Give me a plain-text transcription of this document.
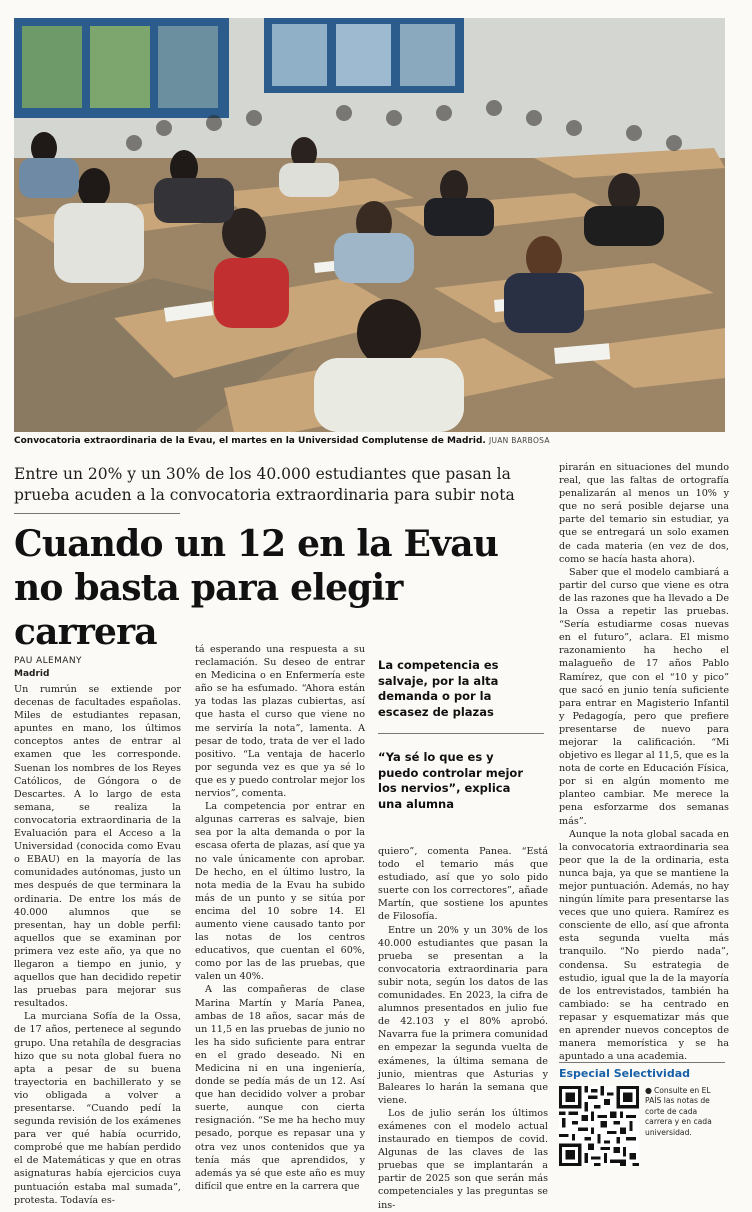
Convocatoria extraordinaria de la Evau, el martes en la Universidad Complutense de Madrid. JUAN BARBOSA
Entre un 20% y un 30% de los 40.000 estudiantes que pasan la prueba acuden a la convocatoria extraordinaria para subir nota
Cuando un 12 en la Evau no basta para elegir carrera
PAU ALEMANY
Madrid

Un rumrún se extiende por decenas de facultades españolas. Miles de estudiantes repasan, apuntes en mano, los últimos conceptos antes de entrar al examen que les corresponde. Suenan los nombres de los Reyes Católicos, de Góngora o de Descartes. A lo largo de esta semana, se realiza la convocatoria extraordinaria de la Evaluación para el Acceso a la Universidad (conocida como Evau o EBAU) en la mayoría de las comunidades autónomas, justo un mes después de que terminara la ordinaria. De entre los más de 40.000 alumnos que se presentan, hay un doble perfil: aquellos que se examinan por primera vez este año, ya que no llegaron a tiempo en junio, y aquellos que han decidido repetir las pruebas para mejorar sus resultados.

La murciana Sofía de la Ossa, de 17 años, pertenece al segundo grupo. Una retahíla de desgracias hizo que su nota global fuera no apta a pesar de su buena trayectoria en bachillerato y se vio obligada a volver a presentarse. “Cuando pedí la segunda revisión de los exámenes para ver qué había ocurrido, comprobé que me habían perdido el de Matemáticas y que en otras asignaturas había ejercicios cuya puntuación estaba mal sumada”, protesta. Todavía es-

tá esperando una respuesta a su reclamación. Su deseo de entrar en Medicina o en Enfermería este año se ha esfumado. “Ahora están ya todas las plazas cubiertas, así que hasta el curso que viene no me serviría la nota”, lamenta. A pesar de todo, trata de ver el lado positivo. “La ventaja de hacerlo por segunda vez es que ya sé lo que es y puedo controlar mejor los nervios”, comenta.

La competencia por entrar en algunas carreras es salvaje, bien sea por la alta demanda o por la escasa oferta de plazas, así que ya no vale únicamente con aprobar. De hecho, en el último lustro, la nota media de la Evau ha subido más de un punto y se sitúa por encima del 10 sobre 14. El aumento viene causado tanto por las notas de los centros educativos, que cuentan el 60%, como por las de las pruebas, que valen un 40%.

A las compañeras de clase Marina Martín y María Panea, ambas de 18 años, sacar más de un 11,5 en las pruebas de junio no les ha sido suficiente para entrar en el grado deseado. Ni en Medicina ni en una ingeniería, donde se pedía más de un 12. Así que han decidido volver a probar suerte, aunque con cierta resignación. “Se me ha hecho muy pesado, porque es repasar una y otra vez unos contenidos que ya tenía más que aprendidos, y además ya sé que este año es muy difícil que entre en la carrera que

La competencia es salvaje, por la alta demanda o por la escasez de plazas
“Ya sé lo que es y puedo controlar mejor los nervios”, explica una alumna

quiero”, comenta Panea. “Está todo el temario más que estudiado, así que yo solo pido suerte con los correctores”, añade Martín, que sostiene los apuntes de Filosofía.

Entre un 20% y un 30% de los 40.000 estudiantes que pasan la prueba se presentan a la convocatoria extraordinaria para subir nota, según los datos de las comunidades. En 2023, la cifra de alumnos presentados en julio fue de 42.103 y el 80% aprobó. Navarra fue la primera comunidad en empezar la segunda vuelta de exámenes, la última semana de junio, mientras que Asturias y Baleares lo harán la semana que viene.

Los de julio serán los últimos exámenes con el modelo actual instaurado en tiempos de covid. Algunas de las claves de las pruebas que se implantarán a partir de 2025 son que serán más competenciales y las preguntas se ins-

pirarán en situaciones del mundo real, que las faltas de ortografía penalizarán al menos un 10% y que no será posible dejarse una parte del temario sin estudiar, ya que se entregará un solo examen de cada materia (en vez de dos, como se hacía hasta ahora).

Saber que el modelo cambiará a partir del curso que viene es otra de las razones que ha llevado a De la Ossa a repetir las pruebas. “Sería estudiarme cosas nuevas en el futuro”, aclara. El mismo razonamiento ha hecho el malagueño de 17 años Pablo Ramírez, que con el “10 y pico” que sacó en junio tenía suficiente para entrar en Magisterio Infantil y Pedagogía, pero que prefiere presentarse de nuevo para mejorar la calificación. “Mi objetivo es llegar al 11,5, que es la nota de corte en Educación Física, por si en algún momento me planteo cambiar. Me merece la pena esforzarme dos semanas más”.

Aunque la nota global sacada en la convocatoria extraordinaria sea peor que la de la ordinaria, esta nunca baja, ya que se mantiene la mejor puntuación. Además, no hay ningún límite para presentarse las veces que uno quiera. Ramírez es consciente de ello, así que afronta esta segunda vuelta más tranquilo. “No pierdo nada”, condensa. Su estrategia de estudio, igual que la de la mayoría de los entrevistados, también ha cambiado: se ha centrado en repasar y esquematizar más que en aprender nuevos conceptos de manera memorística y se ha apuntado a una academia.

Especial Selectividad
● Consulte en EL PAÍS las notas de corte de cada carrera y en cada universidad.
